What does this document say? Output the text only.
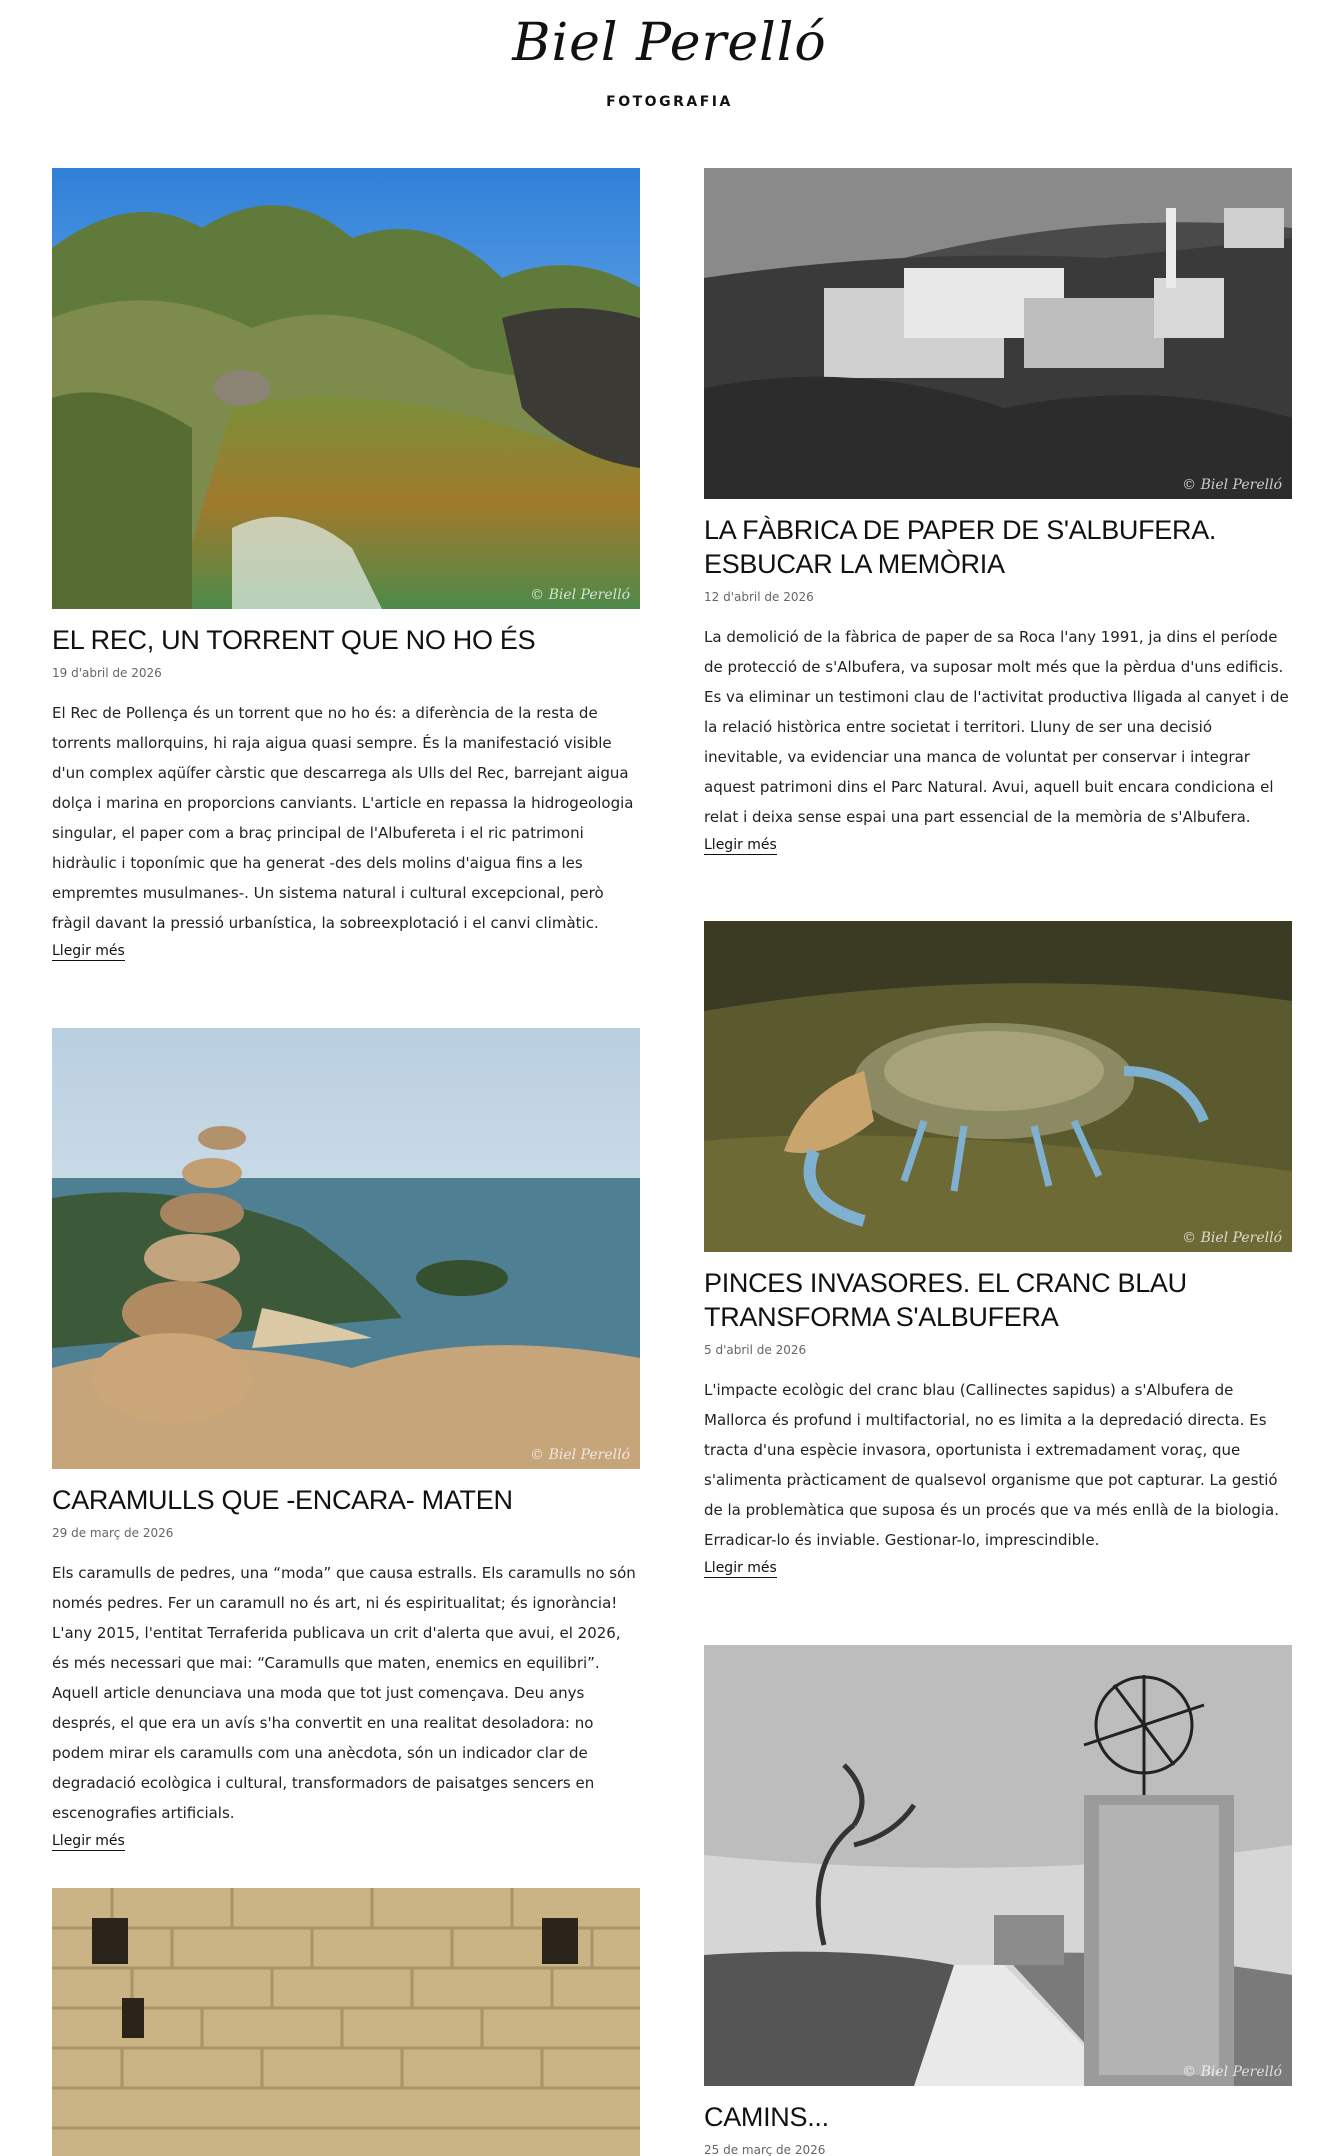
Biel Perelló
FOTOGRAFIA
© Biel Perelló
EL REC, UN TORRENT QUE NO HO ÉS
19 d'abril de 2026

El Rec de Pollença és un torrent que no ho és: a diferència de la resta de torrents mallorquins, hi raja aigua quasi sempre. És la manifestació visible d'un complex aqüífer càrstic que descarrega als Ulls del Rec, barrejant aigua dolça i marina en proporcions canviants. L'article en repassa la hidrogeologia singular, el paper com a braç principal de l'Albufereta i el ric patrimoni hidràulic i toponímic que ha generat -des dels molins d'aigua fins a les empremtes musulmanes-. Un sistema natural i cultural excepcional, però fràgil davant la pressió urbanística, la sobreexplotació i el canvi climàtic.

Llegir més
© Biel Perelló
LA FÀBRICA DE PAPER DE S'ALBUFERA. ESBUCAR LA MEMÒRIA
12 d'abril de 2026

La demolició de la fàbrica de paper de sa Roca l'any 1991, ja dins el període de protecció de s'Albufera, va suposar molt més que la pèrdua d'uns edificis. Es va eliminar un testimoni clau de l'activitat productiva lligada al canyet i de la relació històrica entre societat i territori. Lluny de ser una decisió inevitable, va evidenciar una manca de voluntat per conservar i integrar aquest patrimoni dins el Parc Natural. Avui, aquell buit encara condiciona el relat i deixa sense espai una part essencial de la memòria de s'Albufera.

Llegir més
© Biel Perelló
PINCES INVASORES. EL CRANC BLAU TRANSFORMA S'ALBUFERA
5 d'abril de 2026

L'impacte ecològic del cranc blau (Callinectes sapidus) a s'Albufera de Mallorca és profund i multifactorial, no es limita a la depredació directa. Es tracta d'una espècie invasora, oportunista i extremadament voraç, que s'alimenta pràcticament de qualsevol organisme que pot capturar. La gestió de la problemàtica que suposa és un procés que va més enllà de la biologia. Erradicar-lo és inviable. Gestionar-lo, imprescindible.

Llegir més
© Biel Perelló
CARAMULLS QUE -ENCARA- MATEN
29 de març de 2026

Els caramulls de pedres, una “moda” que causa estralls. Els caramulls no són només pedres. Fer un caramull no és art, ni és espiritualitat; és ignorància! L'any 2015, l'entitat Terraferida publicava un crit d'alerta que avui, el 2026, és més necessari que mai: “Caramulls que maten, enemics en equilibri”. Aquell article denunciava una moda que tot just començava. Deu anys després, el que era un avís s'ha convertit en una realitat desoladora: no podem mirar els caramulls com una anècdota, són un indicador clar de degradació ecològica i cultural, transformadors de paisatges sencers en escenografies artificials.

Llegir més
© Biel Perelló
CAMINS...
25 de març de 2026
